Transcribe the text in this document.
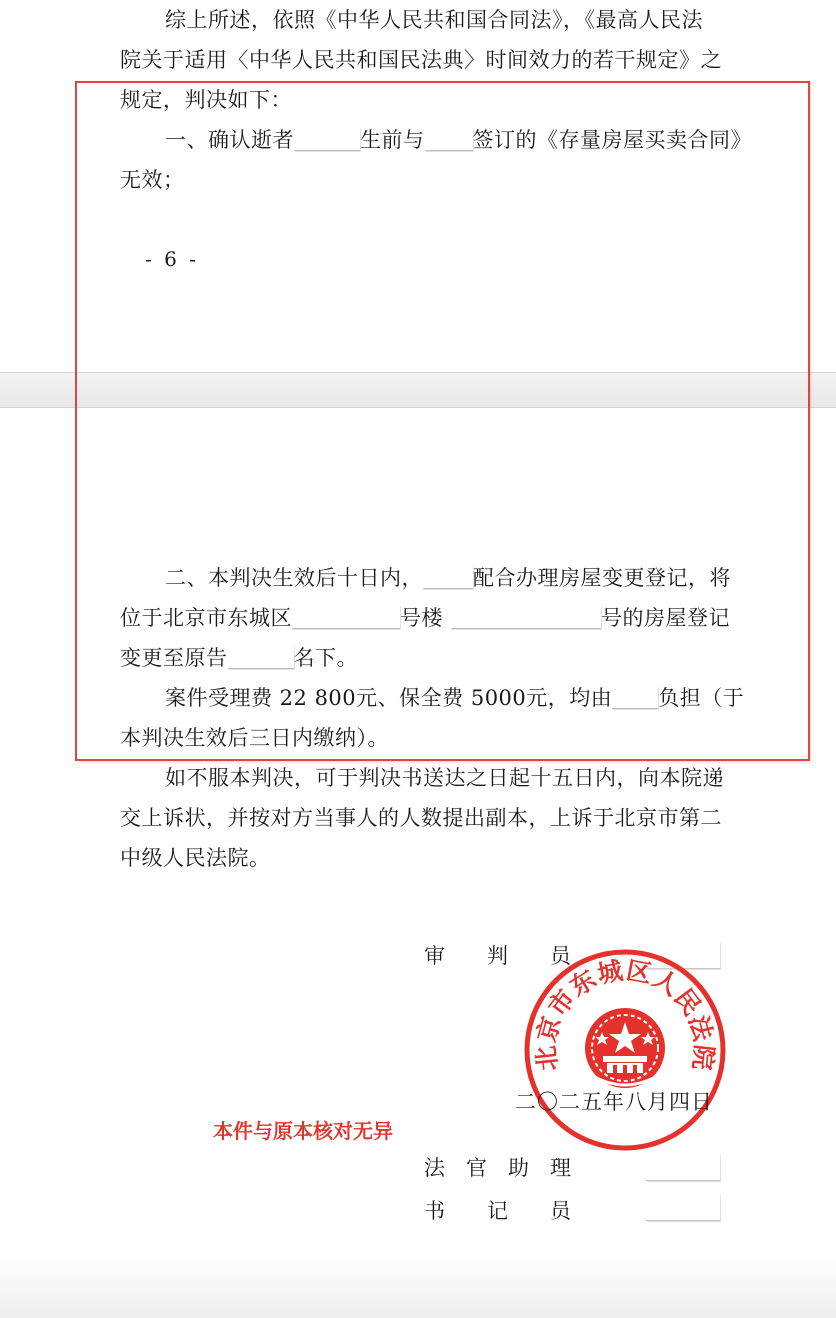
综上所述，依照《中华人民共和国合同法》，《最高人民法
院关于适用〈中华人民共和国民法典〉时间效力的若干规定》之
规定，判决如下：
一、确认逝者	生前与 签订的《存量房屋买卖合同》
无效；
- 6 -
二、本判决生效后十日内， 配合办理房屋变更登记，将
位于北京市东城区	号楼	号的房屋登记
变更至原告	名下。
案件受理费 22 800元、保全费 5000元，均由 负担（于
本判决生效后三日内缴纳）。
如不服本判决，可于判决书送达之日起十五日内，向本院递
交上诉状，并按对方当事人的人数提出副本，上诉于北京市第二
中级人民法院。
审　　判　　员
北京市东城区人民法院
二〇二五年八月四日
本件与原本核对无异
法　官　助　理
书　　记　　员
